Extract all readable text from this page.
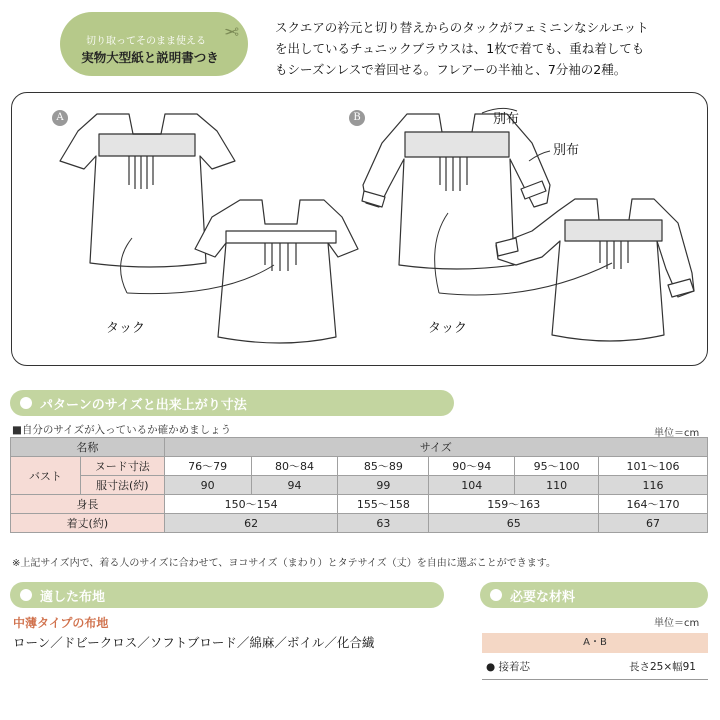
切り取ってそのまま使える
実物大型紙と説明書つき
✂	スクエアの衿元と切り替えからのタックがフェミニンなシルエット
を出しているチュニックブラウスは、1枚で着ても、重ね着しても
もシーズンレスで着回せる。フレアーの半袖と、7分袖の2種。
A	B
タック	タック
別布
別布
パターンのサイズと出来上がり寸法
■自分のサイズが入っているか確かめましょう	単位＝cm
名称		サイズ					
バスト	ヌード寸法	76〜79	80〜84	85〜89	90〜94	95〜100	101〜106
	服寸法(約)	90	94	99	104	110	116
身長		150〜154		155〜158	159〜163		164〜170
着丈(約)		62		63	65		67
※上記サイズ内で、着る人のサイズに合わせて、ヨコサイズ（まわり）とタテサイズ（丈）を自由に選ぶことができます。
適した布地
中薄タイプの布地
ローン／ドビークロス／ソフトブロード／綿麻／ボイル／化合繊
必要な材料
単位＝cm
A・B
● 接着芯	長さ25×幅91
